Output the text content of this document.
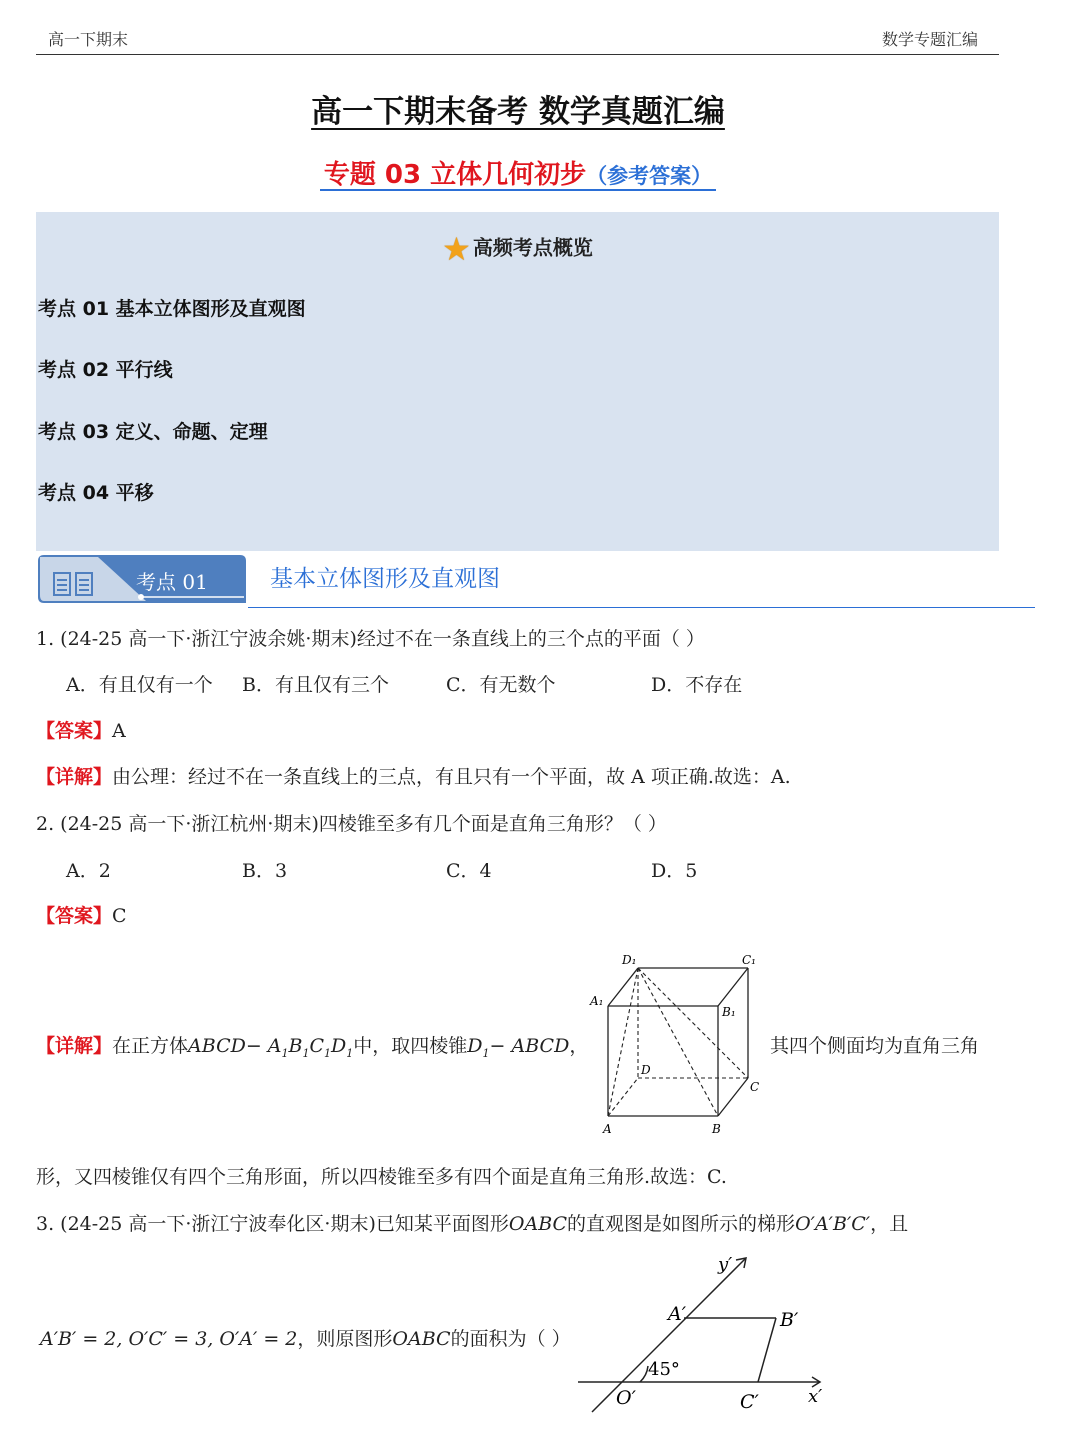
高一下期末	数学专题汇编
高一下期末备考 数学真题汇编
专题 03 立体几何初步（参考答案）
★ 高频考点概览
考点 01 基本立体图形及直观图
考点 02 平行线
考点 03 定义、命题、定理
考点 04 平移
考点 01	基本立体图形及直观图
1. (24-25 高一下·浙江宁波余姚·期末)经过不在一条直线上的三个点的平面（ ）
A．有且仅有一个 B．有且仅有三个	C．有无数个	D．不存在
【答案】A
【详解】由公理：经过不在一条直线上的三点，有且只有一个平面，故 A 项正确.故选：A.
2. (24-25 高一下·浙江杭州·期末)四棱锥至多有几个面是直角三角形？（ ）
A．2	B．3	C．4	D．5
【答案】C
【详解】在正方体ABCD− $A_1B_1C_1D_1$中，取四棱锥$D_1-$ ABCD，	其四个侧面均为直角三角
D₁	C₁
A₁
B₁
D
C
A	B
形，又四棱锥仅有四个三角形面，所以四棱锥至多有四个面是直角三角形.故选：C.
3. (24-25 高一下·浙江宁波奉化区·期末)已知某平面图形OABC的直观图是如图所示的梯形O′A′B′C′，且
A′B′ = 2, O′C′ = 3, O′A′ = 2，则原图形OABC的面积为（ ）
y′
x′
A′	B′
O′	C′
45°
